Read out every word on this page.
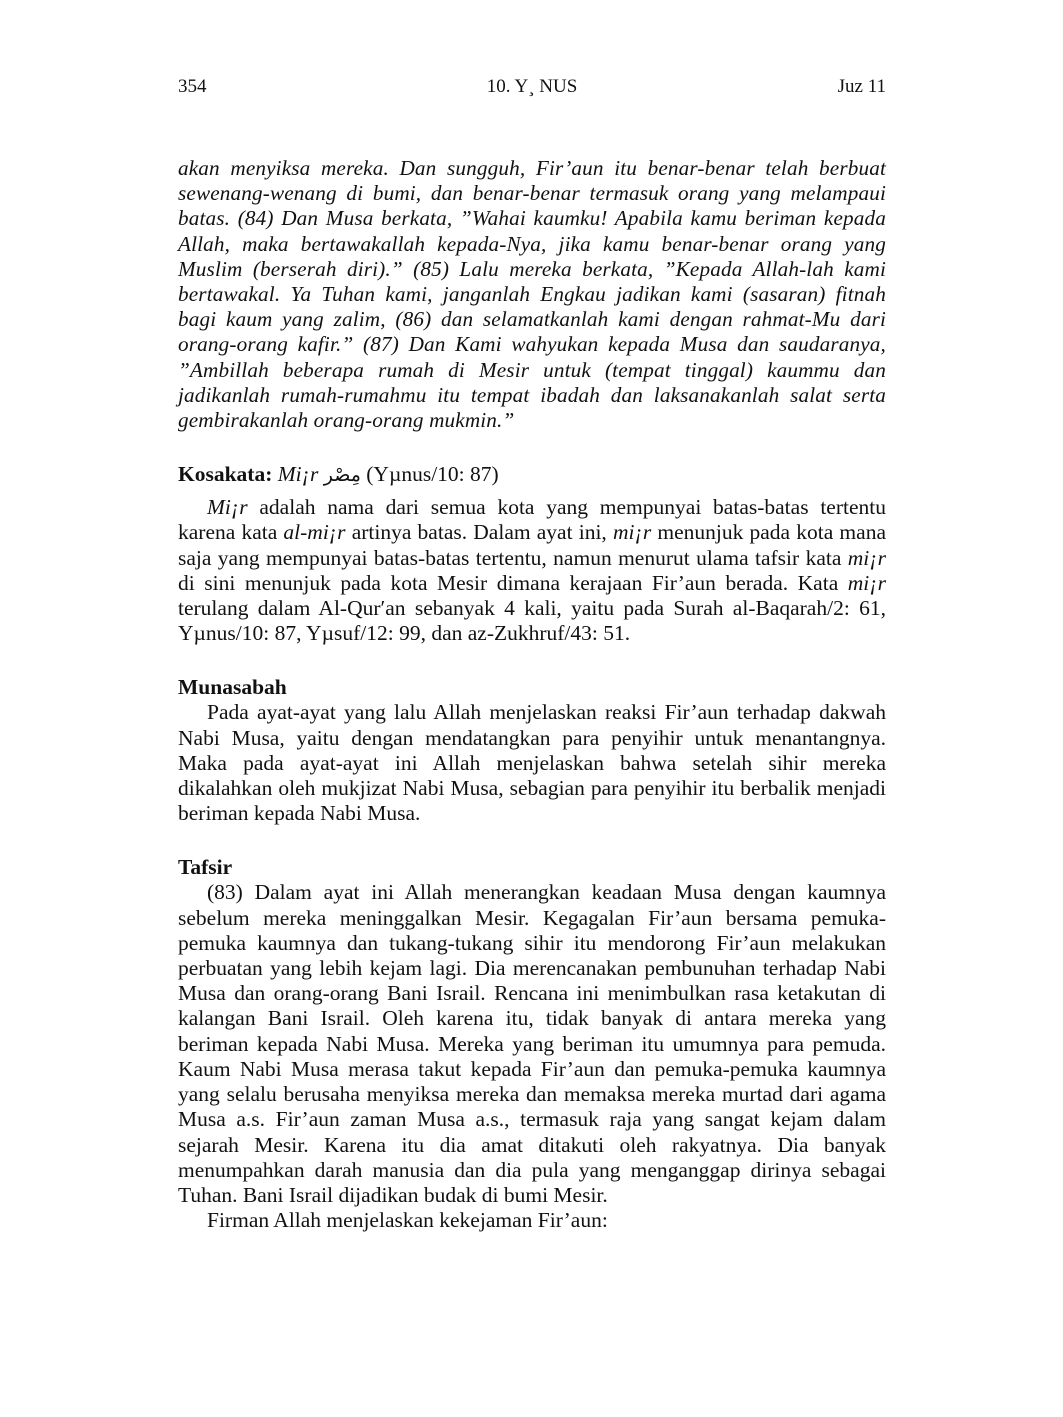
354	10. Y¸ NUS	Juz 11

akan menyiksa mereka. Dan sungguh, Fir’aun itu benar-benar telah berbuat sewenang-wenang di bumi, dan benar-benar termasuk orang yang melampaui batas. (84) Dan Musa berkata, ”Wahai kaumku! Apabila kamu beriman kepada Allah, maka bertawakallah kepada-Nya, jika kamu benar-benar orang yang Muslim (berserah diri).” (85) Lalu mereka berkata, ”Kepada Allah-lah kami bertawakal. Ya Tuhan kami, janganlah Engkau jadikan kami (sasaran) fitnah bagi kaum yang zalim, (86) dan selamatkanlah kami dengan rahmat-Mu dari orang-orang kafir.” (87) Dan Kami wahyukan kepada Musa dan saudaranya, ”Ambillah beberapa rumah di Mesir untuk (tempat tinggal) kaummu dan jadikanlah rumah-rumahmu itu tempat ibadah dan laksanakanlah salat serta gembirakanlah orang-orang mukmin.”

Kosakata: Mi¡r مِصْر (Yµnus/10: 87)

Mi¡r adalah nama dari semua kota yang mempunyai batas-batas tertentu karena kata al-mi¡r artinya batas. Dalam ayat ini, mi¡r menunjuk pada kota mana saja yang mempunyai batas-batas tertentu, namun menurut ulama tafsir kata mi¡r di sini menunjuk pada kota Mesir dimana kerajaan Fir’aun berada. Kata mi¡r terulang dalam Al-Qur′an sebanyak 4 kali, yaitu pada Surah al-Baqarah/2: 61, Yµnus/10: 87, Yµsuf/12: 99, dan az-Zukhruf/43: 51.

Munasabah

Pada ayat-ayat yang lalu Allah menjelaskan reaksi Fir’aun terhadap dakwah Nabi Musa, yaitu dengan mendatangkan para penyihir untuk menantangnya. Maka pada ayat-ayat ini Allah menjelaskan bahwa setelah sihir mereka dikalahkan oleh mukjizat Nabi Musa, sebagian para penyihir itu berbalik menjadi beriman kepada Nabi Musa.

Tafsir

(83) Dalam ayat ini Allah menerangkan keadaan Musa dengan kaumnya sebelum mereka meninggalkan Mesir. Kegagalan Fir’aun bersama pemuka-pemuka kaumnya dan tukang-tukang sihir itu mendorong Fir’aun melakukan perbuatan yang lebih kejam lagi. Dia merencanakan pembunuhan terhadap Nabi Musa dan orang-orang Bani Israil. Rencana ini menimbulkan rasa ketakutan di kalangan Bani Israil. Oleh karena itu, tidak banyak di antara mereka yang beriman kepada Nabi Musa. Mereka yang beriman itu umumnya para pemuda. Kaum Nabi Musa merasa takut kepada Fir’aun dan pemuka-pemuka kaumnya yang selalu berusaha menyiksa mereka dan memaksa mereka murtad dari agama Musa a.s. Fir’aun zaman Musa a.s., termasuk raja yang sangat kejam dalam sejarah Mesir. Karena itu dia amat ditakuti oleh rakyatnya. Dia banyak menumpahkan darah manusia dan dia pula yang menganggap dirinya sebagai Tuhan. Bani Israil dijadikan budak di bumi Mesir.

Firman Allah menjelaskan kekejaman Fir’aun:
